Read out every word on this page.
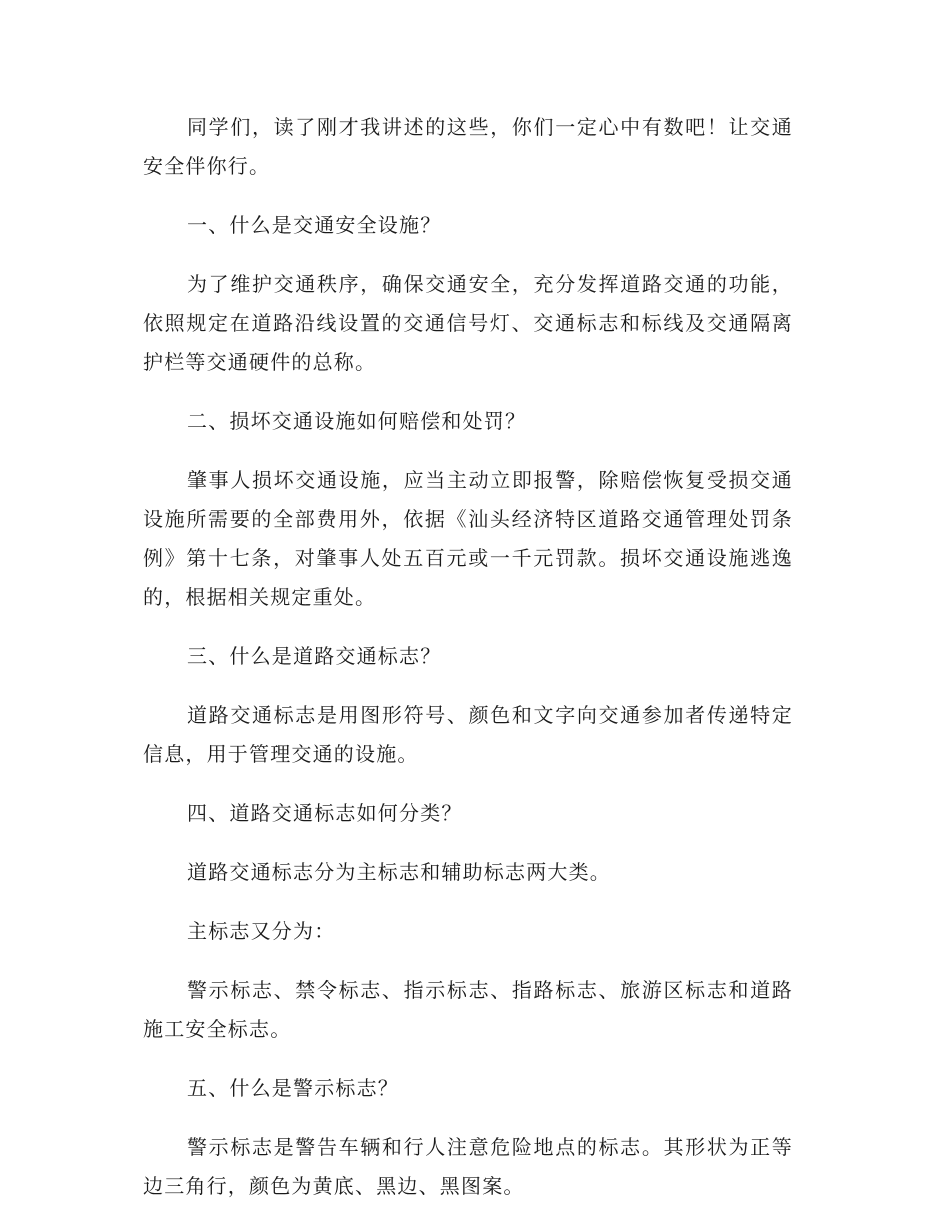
同学们，读了刚才我讲述的这些，你们一定心中有数吧！让交通安全伴你行。

一、什么是交通安全设施？

为了维护交通秩序，确保交通安全，充分发挥道路交通的功能，依照规定在道路沿线设置的交通信号灯、交通标志和标线及交通隔离护栏等交通硬件的总称。

二、损坏交通设施如何赔偿和处罚？

肇事人损坏交通设施，应当主动立即报警，除赔偿恢复受损交通设施所需要的全部费用外，依据《汕头经济特区道路交通管理处罚条例》第十七条，对肇事人处五百元或一千元罚款。损坏交通设施逃逸的，根据相关规定重处。

三、什么是道路交通标志？

道路交通标志是用图形符号、颜色和文字向交通参加者传递特定信息，用于管理交通的设施。

四、道路交通标志如何分类？

道路交通标志分为主标志和辅助标志两大类。

主标志又分为：

警示标志、禁令标志、指示标志、指路标志、旅游区标志和道路施工安全标志。

五、什么是警示标志？

警示标志是警告车辆和行人注意危险地点的标志。其形状为正等边三角行，颜色为黄底、黑边、黑图案。
